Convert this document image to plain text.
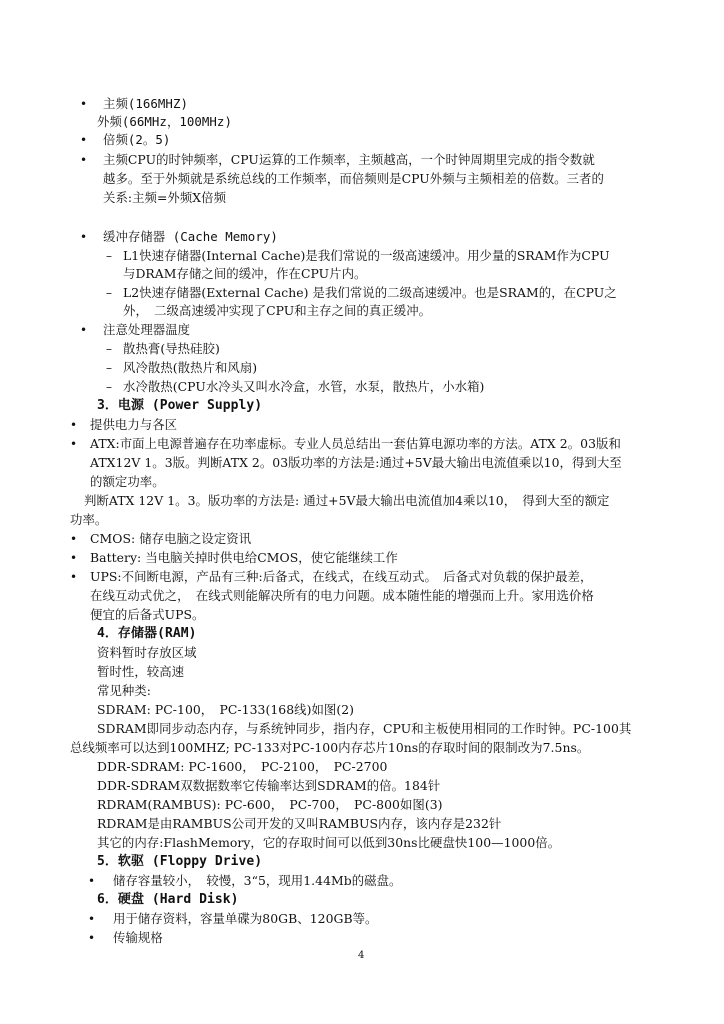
•
•
•
•
–
–
•
–
–
–
•
•
•
•
•
•
•
•
主频(166MHZ)
外频(66MHz，100MHz)
倍频(2。5)
主频CPU的时钟频率，CPU运算的工作频率，主频越高，一个时钟周期里完成的指令数就
越多。至于外频就是系统总线的工作频率，而倍频则是CPU外频与主频相差的倍数。三者的
关系:主频=外频X倍频
缓冲存储器 (Cache Memory)
L1快速存储器(Internal Cache)是我们常说的一级高速缓冲。用少量的SRAM作为CPU
与DRAM存储之间的缓冲，作在CPU片内。
L2快速存储器(External Cache) 是我们常说的二级高速缓冲。也是SRAM的，在CPU之
外，　二级高速缓冲实现了CPU和主存之间的真正缓冲。
注意处理器温度
散热膏(导热硅胶)
风冷散热(散热片和风扇)
水冷散热(CPU水冷头又叫水冷盒，水管，水泵，散热片，小水箱)
3．电源 (Power Supply)
提供电力与各区
ATX:市面上电源普遍存在功率虚标。专业人员总结出一套估算电源功率的方法。ATX 2。03版和
ATX12V 1。3版。判断ATX 2。03版功率的方法是:通过+5V最大输出电流值乘以10，得到大至
的额定功率。
判断ATX 12V 1。3。版功率的方法是: 通过+5V最大输出电流值加4乘以10，　得到大至的额定
功率。
CMOS: 储存电脑之设定资讯
Battery: 当电脑关掉时供电给CMOS，使它能继续工作
UPS:不间断电源，产品有三种:后备式，在线式，在线互动式。　后备式对负载的保护最差，
在线互动式优之，　在线式则能解决所有的电力问题。成本随性能的增强而上升。家用选价格
便宜的后备式UPS。
4．存储器(RAM)
资料暂时存放区域
暂时性，较高速
常见种类:
SDRAM: PC-100，　PC-133(168线)如图(2)
SDRAM即同步动态内存，与系统钟同步，指内存，CPU和主板使用相同的工作时钟。PC-100其
总线频率可以达到100MHZ; PC-133对PC-100内存芯片10ns的存取时间的限制改为7.5ns。
DDR-SDRAM: PC-1600，　PC-2100，　PC-2700
DDR-SDRAM双数据数率它传输率达到SDRAM的倍。184针
RDRAM(RAMBUS): PC-600，　PC-700，　PC-800如图(3)
RDRAM是由RAMBUS公司开发的又叫RAMBUS内存，该内存是232针
其它的内存:FlashMemory，它的存取时间可以低到30ns比硬盘快100—1000倍。
5．软驱 (Floppy Drive)
储存容量较小，　较慢，3“5，现用1.44Mb的磁盘。
6．硬盘 (Hard Disk)
用于储存资料，容量单碟为80GB、120GB等。
传输规格
4
